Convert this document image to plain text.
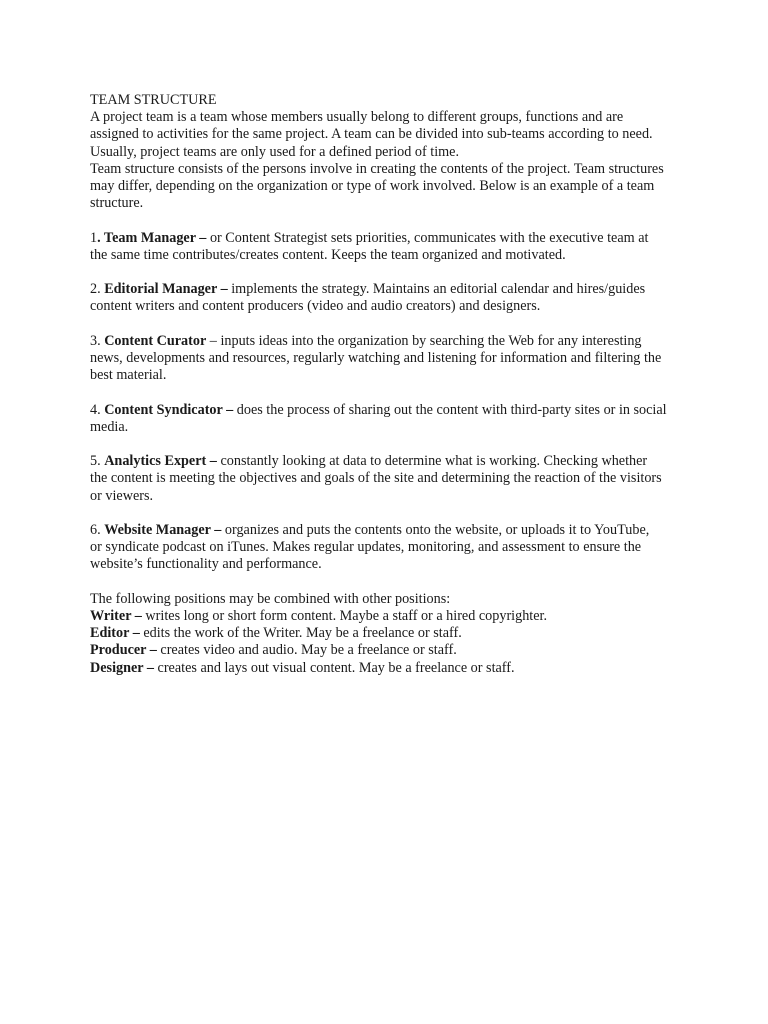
TEAM STRUCTURE

A project team is a team whose members usually belong to different groups, functions and are
assigned to activities for the same project. A team can be divided into sub-teams according to need.
Usually, project teams are only used for a defined period of time.
Team structure consists of the persons involve in creating the contents of the project. Team structures
may differ, depending on the organization or type of work involved. Below is an example of a team
structure.

1. Team Manager – or Content Strategist sets priorities, communicates with the executive team at
the same time contributes/creates content. Keeps the team organized and motivated.

2. Editorial Manager – implements the strategy. Maintains an editorial calendar and hires/guides
content writers and content producers (video and audio creators) and designers.

3. Content Curator – inputs ideas into the organization by searching the Web for any interesting
news, developments and resources, regularly watching and listening for information and filtering the
best material.

4. Content Syndicator – does the process of sharing out the content with third-party sites or in social
media.

5. Analytics Expert – constantly looking at data to determine what is working. Checking whether
the content is meeting the objectives and goals of the site and determining the reaction of the visitors
or viewers.

6. Website Manager – organizes and puts the contents onto the website, or uploads it to YouTube,
or syndicate podcast on iTunes. Makes regular updates, monitoring, and assessment to ensure the
website’s functionality and performance.

The following positions may be combined with other positions:
Writer – writes long or short form content. Maybe a staff or a hired copyrighter.
Editor – edits the work of the Writer. May be a freelance or staff.
Producer – creates video and audio. May be a freelance or staff.
Designer – creates and lays out visual content. May be a freelance or staff.
